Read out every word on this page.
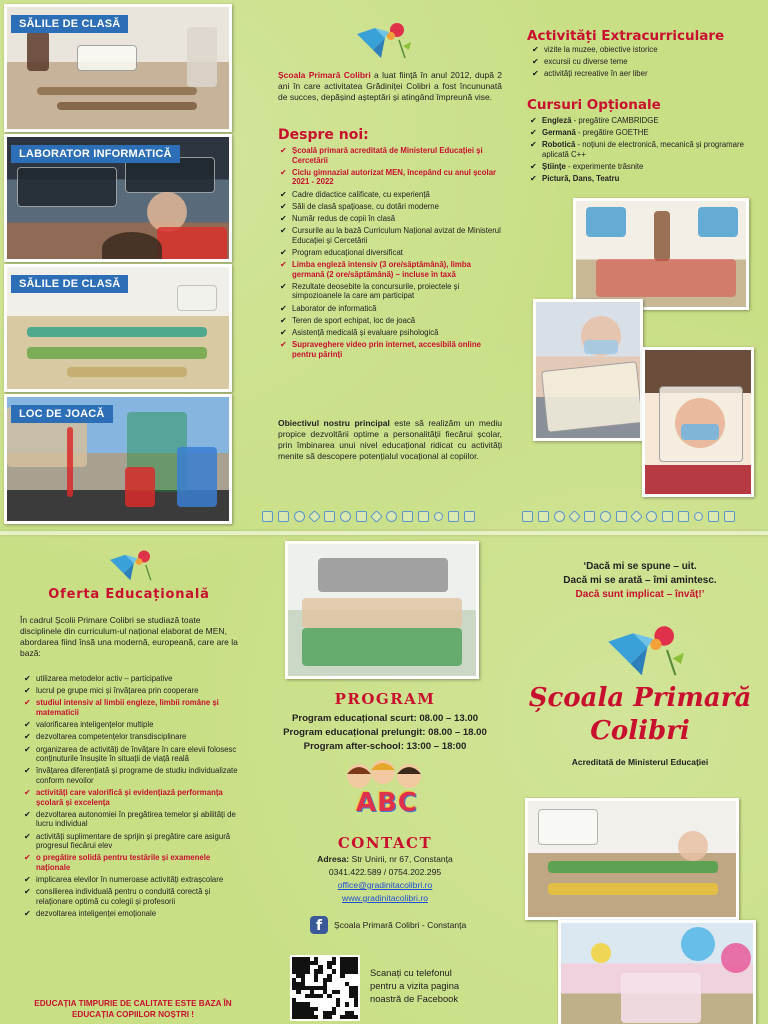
SĂLILE DE CLASĂ
LABORATOR INFORMATICĂ
SĂLILE DE CLASĂ
LOC DE JOACĂ
Școala Primară Colibri a luat ființă în anul 2012, după 2 ani în care activitatea Grădiniței Colibri a fost încununată de succes, depășind așteptări și atingând împreună vise.
Despre noi:
✔ Școală primară acreditată de Ministerul Educației și Cercetării
✔ Ciclu gimnazial autorizat MEN, începând cu anul școlar 2021 - 2022
✔ Cadre didactice calificate, cu experiență
✔ Săli de clasă spațioase, cu dotări moderne
✔ Număr redus de copii în clasă
✔ Cursurile au la bază Curriculum Național avizat de Ministerul Educației și Cercetării
✔ Program educațional diversificat
✔ Limba engleză intensiv (3 ore/săptămână), limba germană (2 ore/săptămână) – incluse în taxă
✔ Rezultate deosebite la concursurile, proiectele și simpozioanele la care am participat
✔ Laborator de informatică
✔ Teren de sport echipat, loc de joacă
✔ Asistență medicală și evaluare psihologică
✔ Supraveghere video prin internet, accesibilă online pentru părinți
Obiectivul nostru principal este să realizăm un mediu propice dezvoltării optime a personalității fiecărui școlar, prin îmbinarea unui nivel educațional ridicat cu activități menite să descopere potențialul vocațional al copiilor.
Activități Extracurriculare
✔ vizite la muzee, obiective istorice
✔ excursii cu diverse teme
✔ activități recreative în aer liber
Cursuri Opționale
✔ Engleză - pregătire CAMBRIDGE
✔ Germană - pregătire GOETHE
✔ Robotică - noțiuni de electronică, mecanică și programare aplicată C++
✔ Științe - experimente trăsnite
✔ Pictură, Dans, Teatru
Oferta Educațională
În cadrul Școlii Primare Colibri se studiază toate disciplinele din curriculum-ul național elaborat de MEN, abordarea fiind însă una modernă, europeană, care are la bază:
✔ utilizarea metodelor activ – participative
✔ lucrul pe grupe mici și învățarea prin cooperare
✔ studiul intensiv al limbii engleze, limbii române și matematicii
✔ valorificarea inteligențelor multiple
✔ dezvoltarea competențelor transdisciplinare
✔ organizarea de activități de învățare în care elevii folosesc conținuturile însușite în situații de viață reală
✔ învățarea diferențiată și programe de studiu individualizate conform nevoilor
✔ activități care valorifică și evidențiază performanța școlară și excelența
✔ dezvoltarea autonomiei în pregătirea temelor și abilități de lucru individual
✔ activități suplimentare de sprijin și pregătire care asigură progresul fiecărui elev
✔ o pregătire solidă pentru testările și examenele naționale
✔ implicarea elevilor în numeroase activități extrașcolare
✔ consilierea individuală pentru o conduită corectă și relaționare optimă cu colegii și profesorii
✔ dezvoltarea inteligenței emoționale
EDUCAȚIA TIMPURIE DE CALITATE ESTE BAZA ÎN EDUCAȚIA COPIILOR NOȘTRI !
PROGRAM
Program educațional scurt: 08.00 – 13.00
Program educațional prelungit: 08.00 – 18.00
Program after-school: 13:00 – 18:00
ABC
CONTACT
Adresa: Str Unirii, nr 67, Constanța
0341.422.589 / 0754.202.295
office@gradinitacolibri.ro
www.gradinitacolibri.ro
f	Școala Primară Colibri - Constanța
Scanați cu telefonul pentru a vizita pagina noastră de Facebook
‘Dacă mi se spune – uit.
Dacă mi se arată – îmi amintesc.
Dacă sunt implicat – învăț!’
Școala Primară
Colibri
Acreditată de Ministerul Educației
